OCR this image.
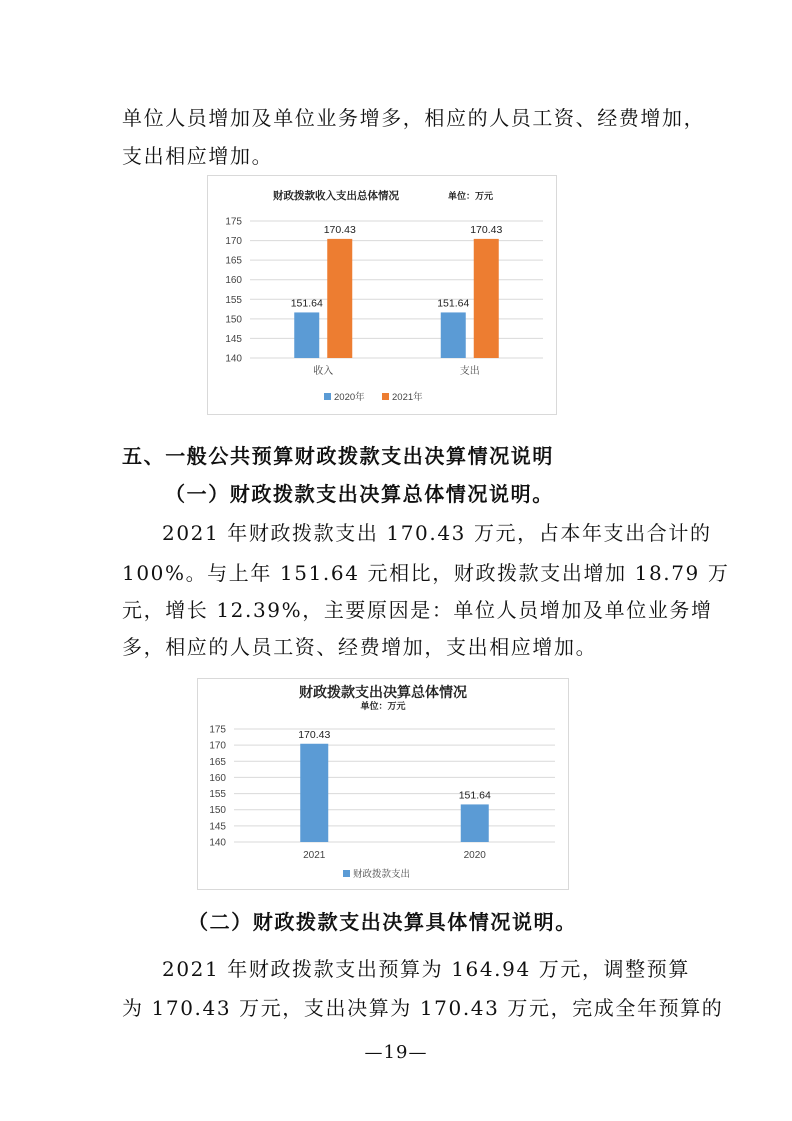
单位人员增加及单位业务增多，相应的人员工资、经费增加，
支出相应增加。
财政拨款收入支出总体情况	单位：万元
140
145
150
155
160
165
170
175
151.64
170.43
收入
151.64
170.43
支出
2020年	2021年
五、一般公共预算财政拨款支出决算情况说明
（一）财政拨款支出决算总体情况说明。
2021 年财政拨款支出 170.43 万元，占本年支出合计的
100%。与上年 151.64 元相比，财政拨款支出增加 18.79 万
元，增长 12.39%，主要原因是：单位人员增加及单位业务增
多，相应的人员工资、经费增加，支出相应增加。
财政拨款支出决算总体情况
单位：万元
140
145
150
155
160
165
170
175	170.43
2021
151.64
2020
财政拨款支出
（二）财政拨款支出决算具体情况说明。
2021 年财政拨款支出预算为 164.94 万元，调整预算
为 170.43 万元，支出决算为 170.43 万元，完成全年预算的
—19—
